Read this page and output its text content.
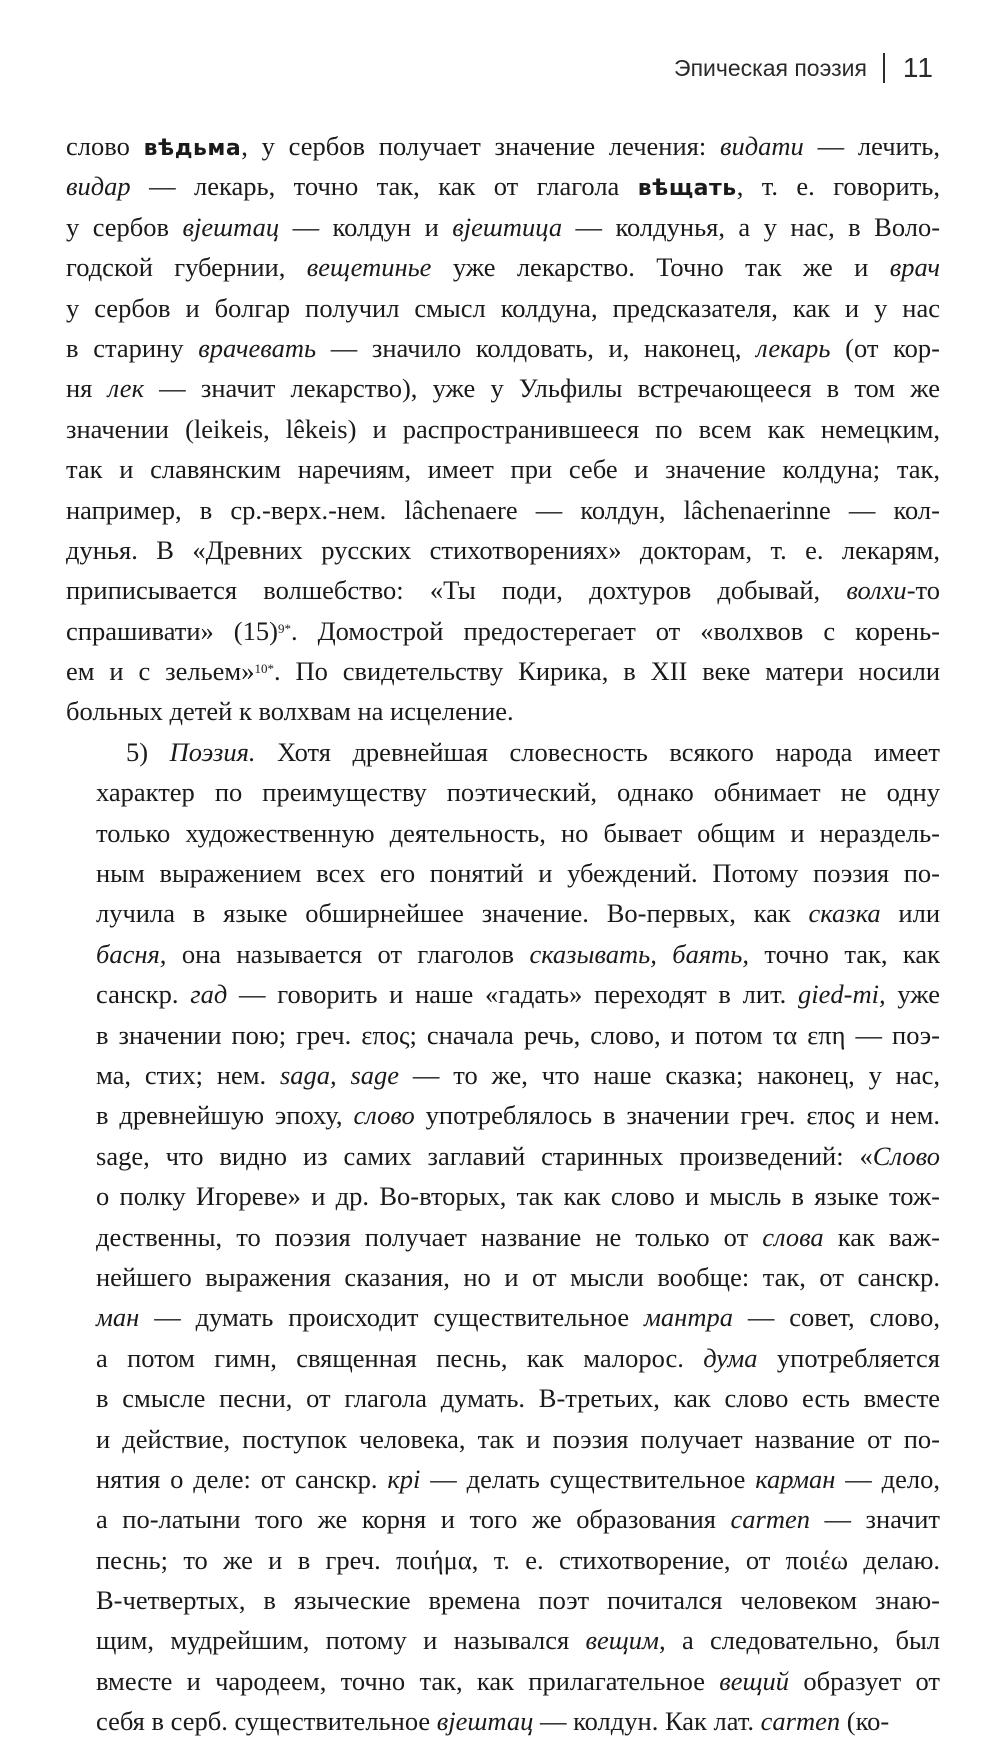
Эпическая поэзия 11
слово вѣдьма, у сербов получает значение лечения: видати — лечить,
видар — лекарь, точно так, как от глагола вѣщать, т. е. говорить,
у сербов вјештац — колдун и вјештица — колдунья, а у нас, в Воло-
годской губернии, вещетинье уже лекарство. Точно так же и врач
у сербов и болгар получил смысл колдуна, предсказателя, как и у нас
в старину врачевать — значило колдовать, и, наконец, лекарь (от кор-
ня лек — значит лекарство), уже у Ульфилы встречающееся в том же
значении (leikeis, lêkeis) и распространившееся по всем как немецким,
так и славянским наречиям, имеет при себе и значение колдуна; так,
например, в ср.-верх.-нем. lâchenaere — колдун, lâchenaerinne — кол-
дунья. В «Древних русских стихотворениях» докторам, т. е. лекарям,
приписывается волшебство: «Ты поди, дохтуров добывай, волхи-то
спрашивати» $(15)^{9*}$. Домострой предостерегает от «волхвов с корень-
ем и с зельем»$^{10*}$. По свидетельству Кирика, в XII веке матери носили
больных детей к волхвам на исцеление.
5) Поэзия. Хотя древнейшая словесность всякого народа имеет
характер по преимуществу поэтический, однако обнимает не одну
только художественную деятельность, но бывает общим и нераздель-
ным выражением всех его понятий и убеждений. Потому поэзия по-
лучила в языке обширнейшее значение. Во-первых, как сказка или
басня, она называется от глаголов сказывать, баять, точно так, как
санскр. гад — говорить и наше «гадать» переходят в лит. gied-mi, уже
в значении пою; греч. επος; сначала речь, слово, и потом τα επη — поэ-
ма, стих; нем. saga, sage — то же, что наше сказка; наконец, у нас,
в древнейшую эпоху, слово употреблялось в значении греч. επος и нем.
sage, что видно из самих заглавий старинных произведений: «Слово
о полку Игореве» и др. Во-вторых, так как слово и мысль в языке тож-
дественны, то поэзия получает название не только от слова как важ-
нейшего выражения сказания, но и от мысли вообще: так, от санскр.
ман — думать происходит существительное мантра — совет, слово,
а потом гимн, священная песнь, как малорос. дума употребляется
в смысле песни, от глагола думать. В-третьих, как слово есть вместе
и действие, поступок человека, так и поэзия получает название от по-
нятия о деле: от санскр. крі — делать существительное карман — дело,
а по-латыни того же корня и того же образования carmen — значит
песнь; то же и в греч. ποιήμα, т. е. стихотворение, от ποιέω делаю.
В-четвертых, в языческие времена поэт почитался человеком знаю-
щим, мудрейшим, потому и назывался вещим, а следовательно, был
вместе и чародеем, точно так, как прилагательное вещий образует от
себя в серб. существительное вјештац — колдун. Как лат. carmen (ко-
